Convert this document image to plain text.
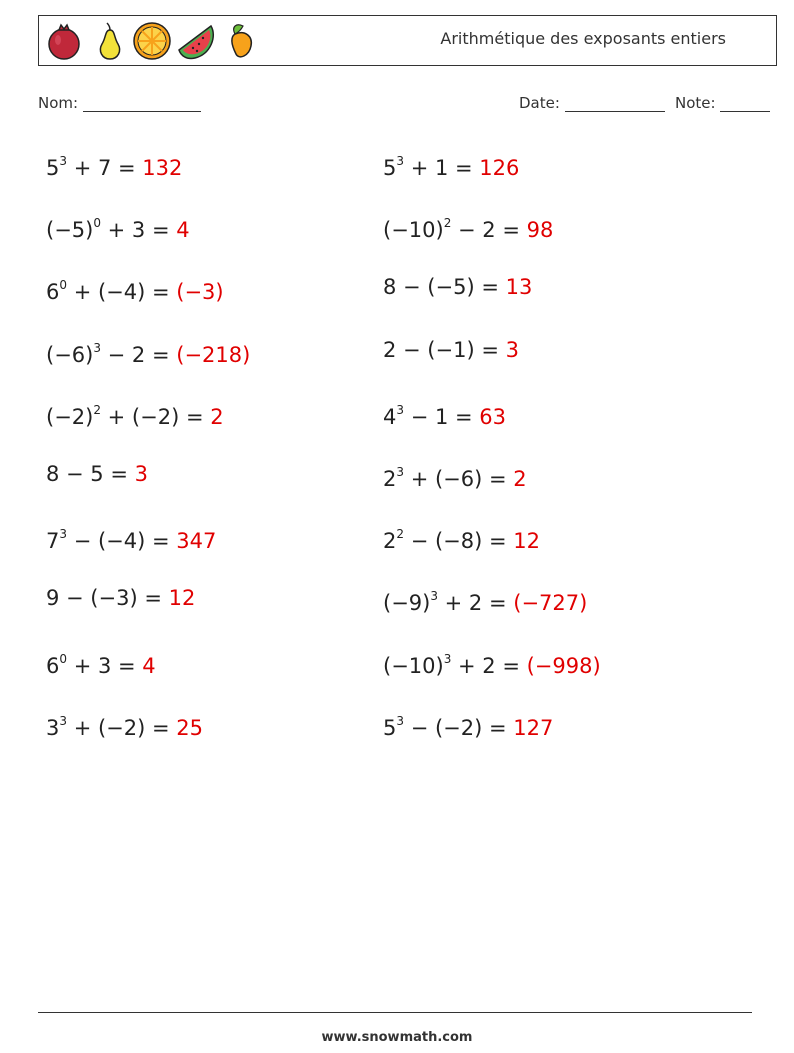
Arithmétique des exposants entiers
Nom:	Date:	Note:
$5^3 + 7 = 132$
$(-5)^0 + 3 = 4$
$6^0 + (-4) = (-3)$
$(-6)^3 - 2 = (-218)$
$(-2)^2 + (-2) = 2$
8 − 5 = 3
$7^3 - (-4) = 347$
9 − (−3) = 12
$6^0 + 3 = 4$
$3^3 + (-2) = 25$
$5^3 + 1 = 126$
$(-10)^2 - 2 = 98$
8 − (−5) = 13
2 − (−1) = 3
$4^3 - 1 = 63$
$2^3 + (-6) = 2$
$2^2 - (-8) = 12$
$(-9)^3 + 2 = (-727)$
$(-10)^3 + 2 = (-998)$
$5^3 - (-2) = 127$
www.snowmath.com
